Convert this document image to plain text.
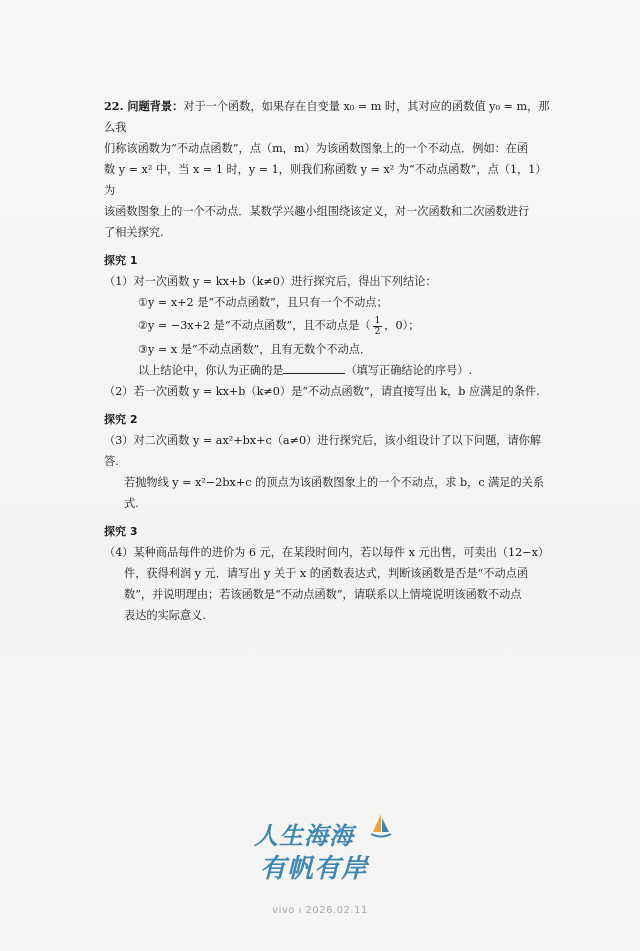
22. 问题背景：对于一个函数，如果存在自变量 x₀ = m 时，其对应的函数值 y₀ = m，那么我

们称该函数为“不动点函数”，点（m，m）为该函数图象上的一个不动点．例如：在函

数 y = x² 中，当 x = 1 时，y = 1，则我们称函数 y = x² 为“不动点函数”，点（1，1）为

该函数图象上的一个不动点．某数学兴趣小组围绕该定义，对一次函数和二次函数进行

了相关探究.

探究 1

（1）对一次函数 y = kx+b（k≠0）进行探究后，得出下列结论：

①y = x+2 是“不动点函数”，且只有一个不动点；

②y = −3x+2 是“不动点函数”，且不动点是（ $\frac{1}{2}$ ，0）；

③y = x 是“不动点函数”，且有无数个不动点．

以上结论中，你认为正确的是	（填写正确结论的序号）.

（2）若一次函数 y = kx+b（k≠0）是“不动点函数”，请直接写出 k，b 应满足的条件.

探究 2

（3）对二次函数 y = ax²+bx+c（a≠0）进行探究后，该小组设计了以下问题，请你解答.

若抛物线 y = x²−2bx+c 的顶点为该函数图象上的一个不动点，求 b，c 满足的关系式.

探究 3

（4）某种商品每件的进价为 6 元，在某段时间内，若以每件 x 元出售，可卖出（12−x）

件，获得利润 y 元．请写出 y 关于 x 的函数表达式，判断该函数是否是“不动点函

数”，并说明理由；若该函数是“不动点函数”，请联系以上情境说明该函数不动点

表达的实际意义.

人生海海
有帆有岸
vivo ı 2026.02.11
